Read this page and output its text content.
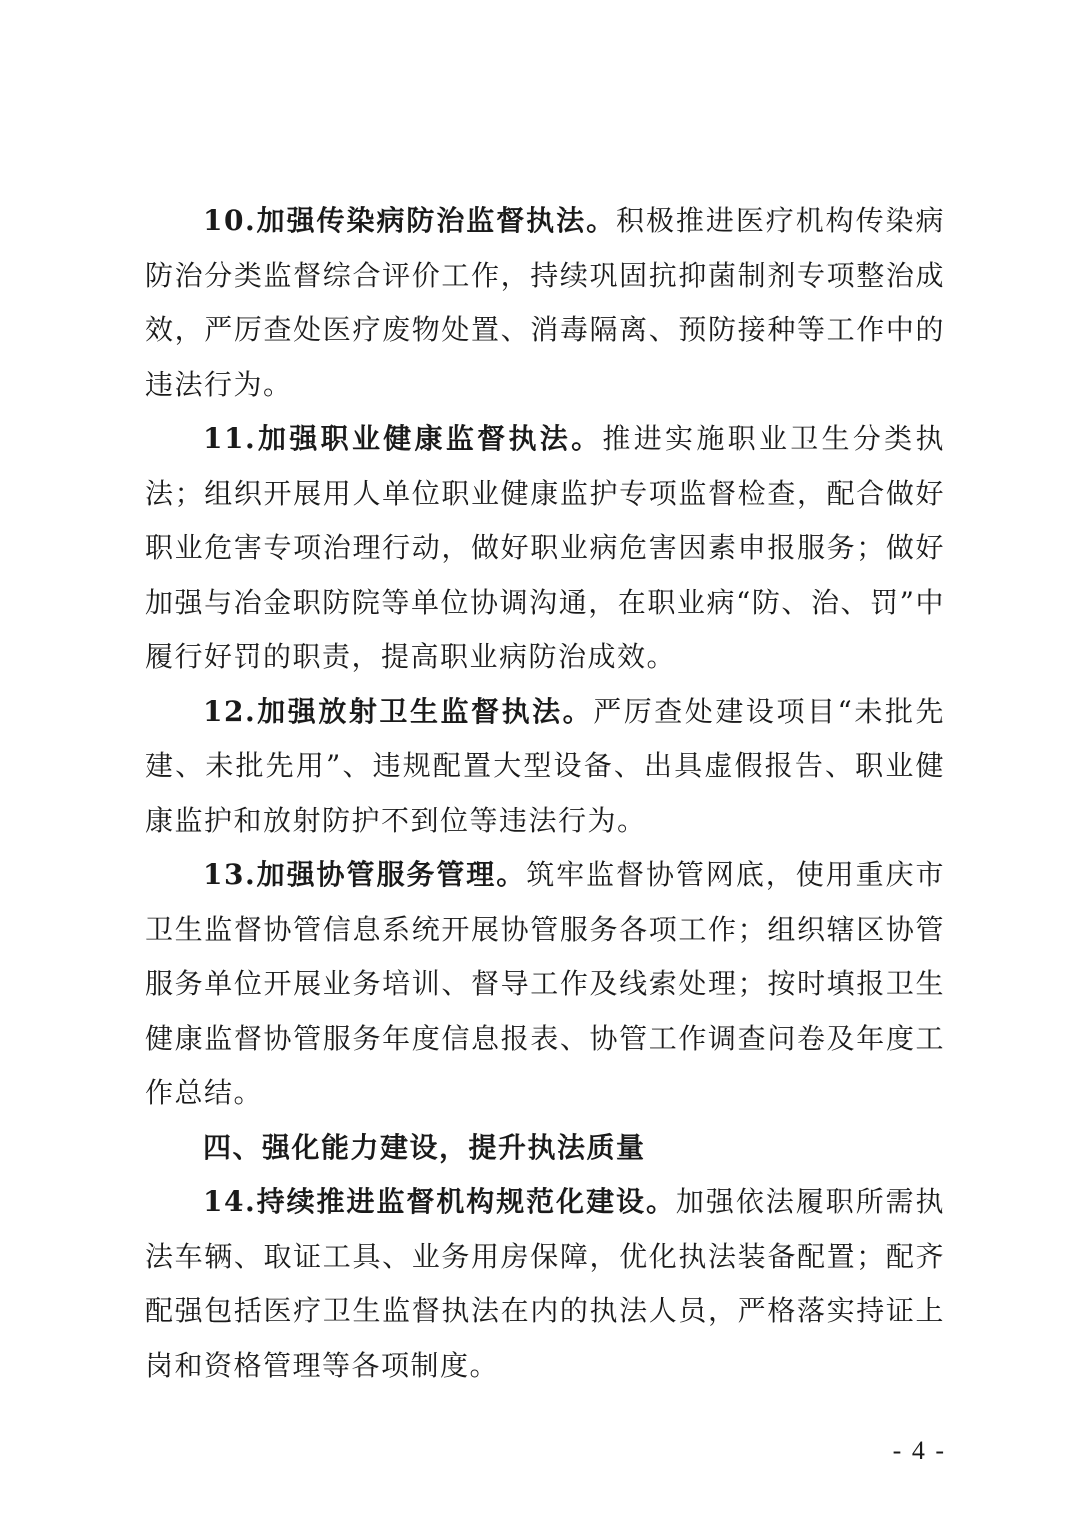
10.加强传染病防治监督执法。积极推进医疗机构传染病防治分类监督综合评价工作，持续巩固抗抑菌制剂专项整治成效，严厉查处医疗废物处置、消毒隔离、预防接种等工作中的违法行为。

11.加强职业健康监督执法。推进实施职业卫生分类执法；组织开展用人单位职业健康监护专项监督检查，配合做好职业危害专项治理行动，做好职业病危害因素申报服务；做好加强与冶金职防院等单位协调沟通，在职业病“防、治、罚”中履行好罚的职责，提高职业病防治成效。

12.加强放射卫生监督执法。严厉查处建设项目“未批先建、未批先用”、违规配置大型设备、出具虚假报告、职业健康监护和放射防护不到位等违法行为。

13.加强协管服务管理。筑牢监督协管网底，使用重庆市卫生监督协管信息系统开展协管服务各项工作；组织辖区协管服务单位开展业务培训、督导工作及线索处理；按时填报卫生健康监督协管服务年度信息报表、协管工作调查问卷及年度工作总结。

四、强化能力建设，提升执法质量

14.持续推进监督机构规范化建设。加强依法履职所需执法车辆、取证工具、业务用房保障，优化执法装备配置；配齐配强包括医疗卫生监督执法在内的执法人员，严格落实持证上岗和资格管理等各项制度。

- 4 -
